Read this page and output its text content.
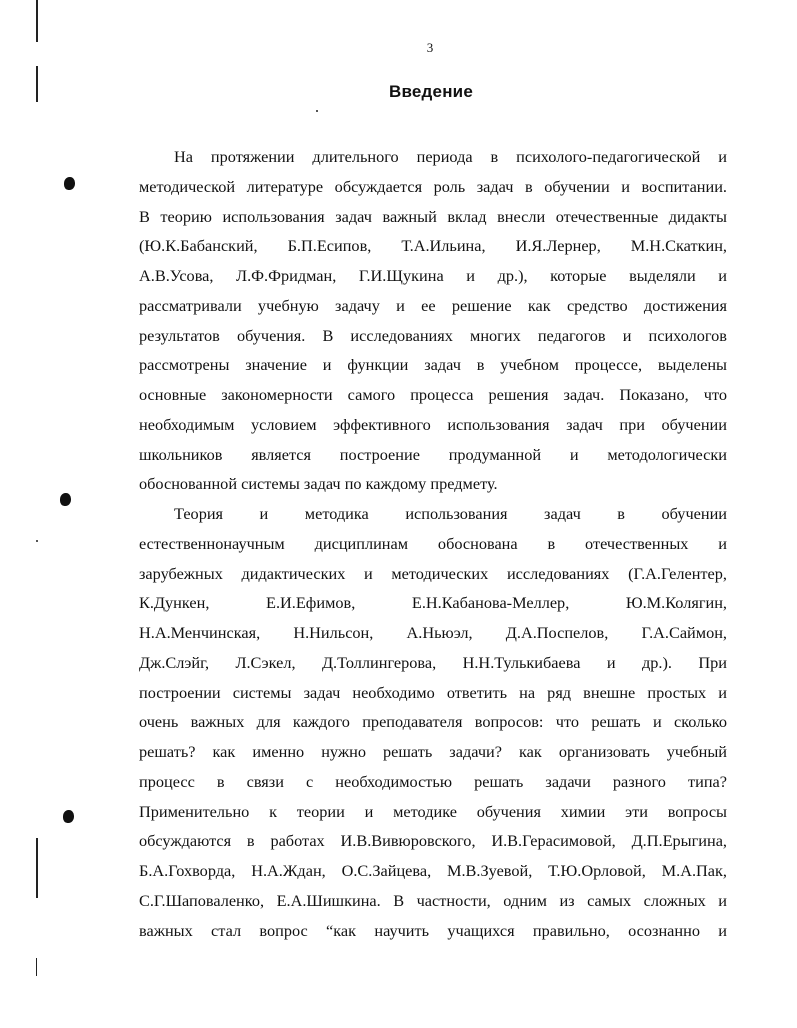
3
Введение
На протяжении длительного периода в психолого-педагогической и
методической литературе обсуждается роль задач в обучении и воспитании.
В теорию использования задач важный вклад внесли отечественные дидакты
(Ю.К.Бабанский, Б.П.Есипов, Т.А.Ильина, И.Я.Лернер, М.Н.Скаткин,
А.В.Усова, Л.Ф.Фридман, Г.И.Щукина и др.), которые выделяли и
рассматривали учебную задачу и ее решение как средство достижения
результатов обучения. В исследованиях многих педагогов и психологов
рассмотрены значение и функции задач в учебном процессе, выделены
основные закономерности самого процесса решения задач. Показано, что
необходимым условием эффективного использования задач при обучении
школьников является построение продуманной и методологически
обоснованной системы задач по каждому предмету.
Теория и методика использования задач в обучении
естественнонаучным дисциплинам обоснована в отечественных и
зарубежных дидактических и методических исследованиях (Г.А.Гелентер,
К.Дункен, Е.И.Ефимов, Е.Н.Кабанова-Меллер, Ю.М.Колягин,
Н.А.Менчинская, Н.Нильсон, А.Ньюэл, Д.А.Поспелов, Г.А.Саймон,
Дж.Слэйг, Л.Сэкел, Д.Толлингерова, Н.Н.Тулькибаева и др.). При
построении системы задач необходимо ответить на ряд внешне простых и
очень важных для каждого преподавателя вопросов: что решать и сколько
решать? как именно нужно решать задачи? как организовать учебный
процесс в связи с необходимостью решать задачи разного типа?
Применительно к теории и методике обучения химии эти вопросы
обсуждаются в работах И.В.Вивюровского, И.В.Герасимовой, Д.П.Ерыгина,
Б.А.Гохворда, Н.А.Ждан, О.С.Зайцева, М.В.Зуевой, Т.Ю.Орловой, М.А.Пак,
С.Г.Шаповаленко, Е.А.Шишкина. В частности, одним из самых сложных и
важных стал вопрос “как научить учащихся правильно, осознанно и
